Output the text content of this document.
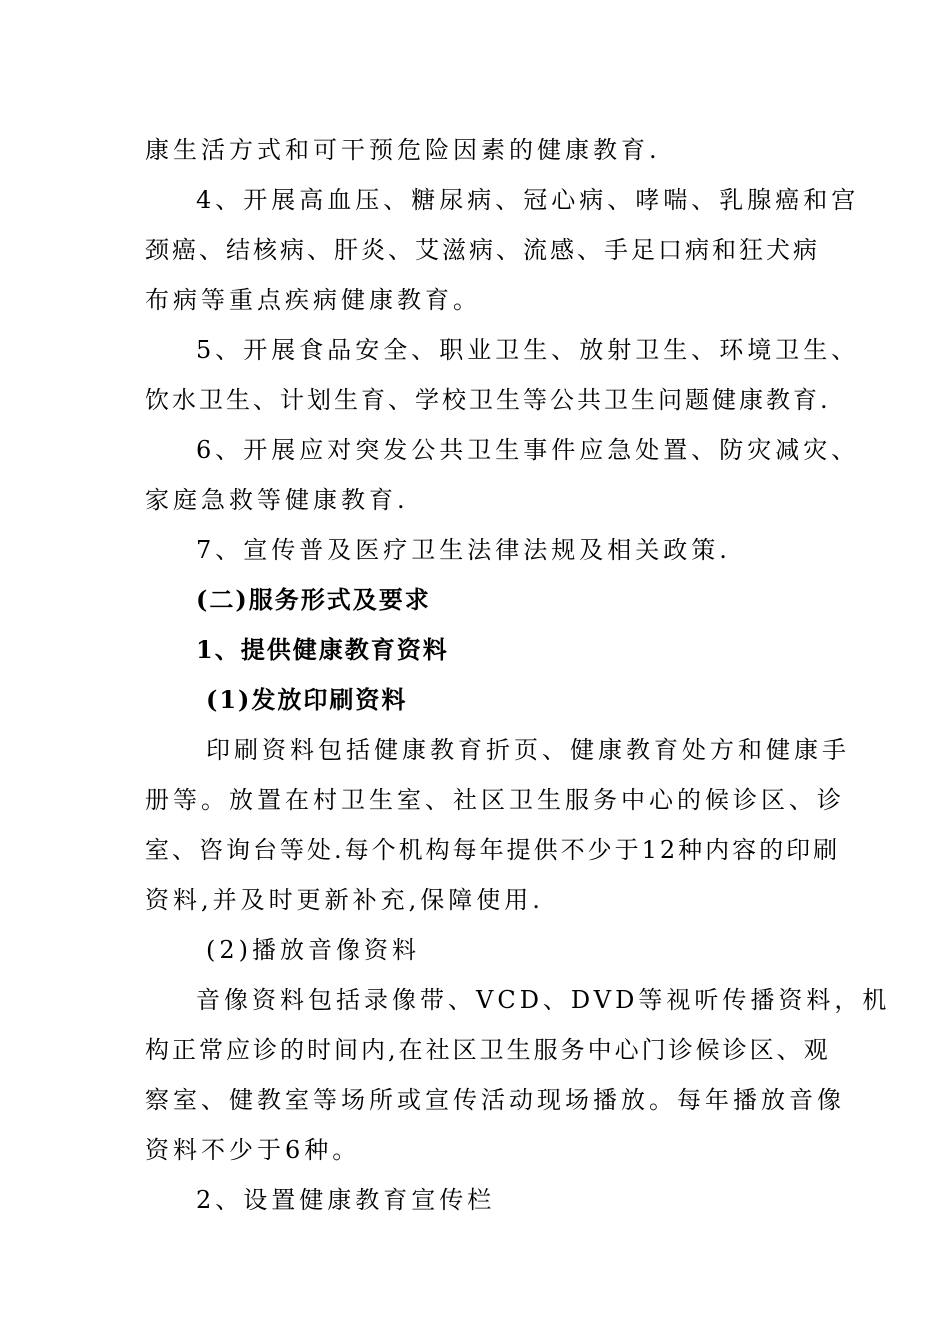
康生活方式和可干预危险因素的健康教育.
4、开展高血压、糖尿病、冠心病、哮喘、乳腺癌和宫
颈癌、结核病、肝炎、艾滋病、流感、手足口病和狂犬病
布病等重点疾病健康教育。
5、开展食品安全、职业卫生、放射卫生、环境卫生、
饮水卫生、计划生育、学校卫生等公共卫生问题健康教育.
6、开展应对突发公共卫生事件应急处置、防灾减灾、
家庭急救等健康教育.
7、宣传普及医疗卫生法律法规及相关政策.
(二)服务形式及要求
1、提供健康教育资料
(1)发放印刷资料
印刷资料包括健康教育折页、健康教育处方和健康手
册等。放置在村卫生室、社区卫生服务中心的候诊区、诊
室、咨询台等处.每个机构每年提供不少于12种内容的印刷
资料,并及时更新补充,保障使用.
(2)播放音像资料
音像资料包括录像带、VCD、DVD等视听传播资料，机
构正常应诊的时间内,在社区卫生服务中心门诊候诊区、观
察室、健教室等场所或宣传活动现场播放。每年播放音像
资料不少于6种。
2、设置健康教育宣传栏
